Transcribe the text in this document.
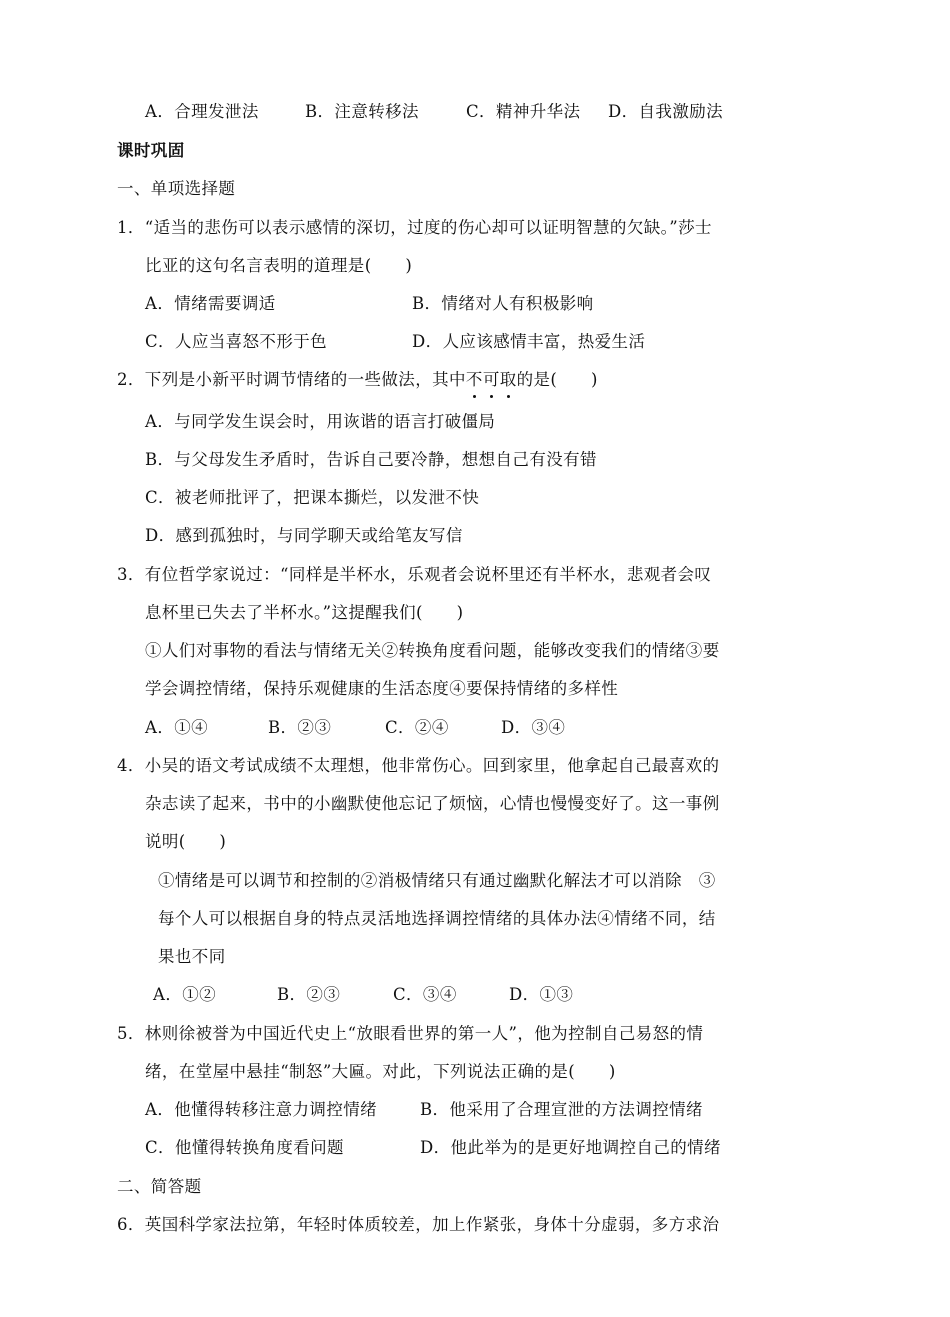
A．合理发泄法	B．注意转移法	C．精神升华法 D．自我激励法

课时巩固

一、单项选择题

1．“适当的悲伤可以表示感情的深切，过度的伤心却可以证明智慧的欠缺。”莎士

比亚的这句名言表明的道理是(　　)

A．情绪需要调适	B．情绪对人有积极影响

C．人应当喜怒不形于色	D．人应该感情丰富，热爱生活

2．下列是小新平时调节情绪的一些做法，其中不可取的是(　　)

A．与同学发生误会时，用诙谐的语言打破僵局

B．与父母发生矛盾时，告诉自己要冷静，想想自己有没有错

C．被老师批评了，把课本撕烂，以发泄不快

D．感到孤独时，与同学聊天或给笔友写信

3．有位哲学家说过：“同样是半杯水，乐观者会说杯里还有半杯水，悲观者会叹

息杯里已失去了半杯水。”这提醒我们(　　)

①人们对事物的看法与情绪无关②转换角度看问题，能够改变我们的情绪③要

学会调控情绪，保持乐观健康的生活态度④要保持情绪的多样性

A．①④	B．②③	C．②④	D．③④

4．小吴的语文考试成绩不太理想，他非常伤心。回到家里，他拿起自己最喜欢的

杂志读了起来，书中的小幽默使他忘记了烦恼，心情也慢慢变好了。这一事例

说明(　　)

①情绪是可以调节和控制的②消极情绪只有通过幽默化解法才可以消除　③

每个人可以根据自身的特点灵活地选择调控情绪的具体办法④情绪不同，结

果也不同

A．①②	B．②③	C．③④	D．①③

5．林则徐被誉为中国近代史上“放眼看世界的第一人”，他为控制自己易怒的情

绪，在堂屋中悬挂“制怒”大匾。对此，下列说法正确的是(　　)

A．他懂得转移注意力调控情绪	B．他采用了合理宣泄的方法调控情绪

C．他懂得转换角度看问题	D．他此举为的是更好地调控自己的情绪

二、简答题

6．英国科学家法拉第，年轻时体质较差，加上作紧张，身体十分虚弱，多方求治
